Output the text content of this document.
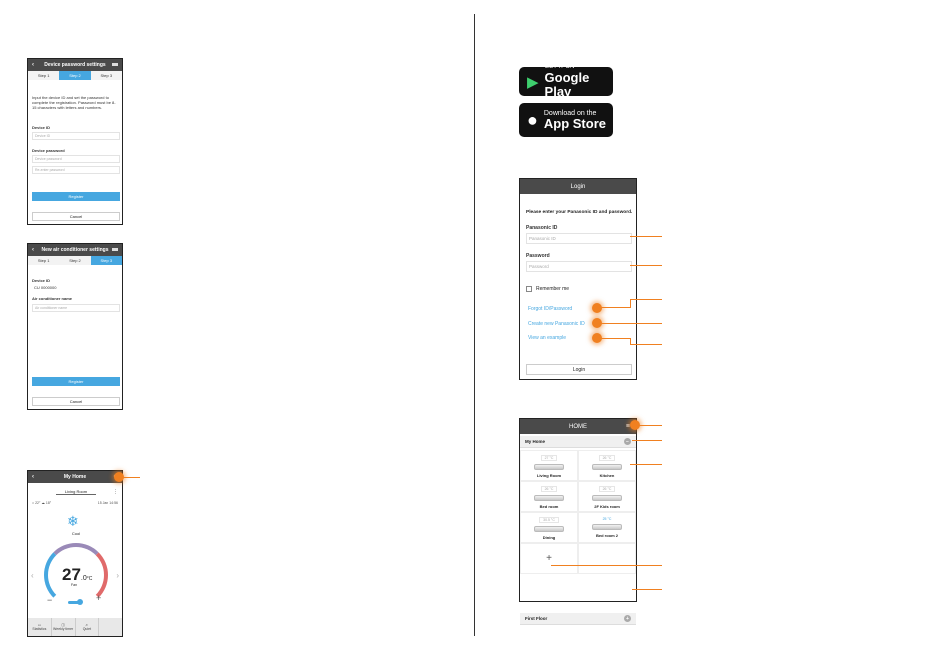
‹ Device password settings
Step 1	Step 2	Step 3
Input the device ID and set the password to complete the registration. Password must be 8-15 characters with letters and numbers.
Device ID
Device ID
Device password
Device password
Re-enter password
Register
Cancel
‹ New air conditioner settings
Step 1	Step 2	Step 3
Device ID
CU 0000000
Air conditioner name
Air conditioner name
Register
Cancel
‹	My Home
Living Room	⋮
⌂ 22° ☁ 18°	15 Jan 14:56
❄
Cool
‹	›
27.0°C
Fan
−	+
▭
Statistics
◫
Weekly timer
♬
Quiet
▶
GET IT ON
Google Play
● Download on the
App Store
Login
Please enter your Panasonic ID and password.
Panasonic ID
Panasonic ID
Password
Password
Remember me
Forgot ID/Password
Create new Panasonic ID
View an example
Login
HOME	≡
My Home	−
27 °C
Living Room
26 °C
Kitchen
26 °C
Bed room
26 °C
2F Kids room
30.5 °C
Dining
25 °C
Bed room 2
+
First Floor	+
